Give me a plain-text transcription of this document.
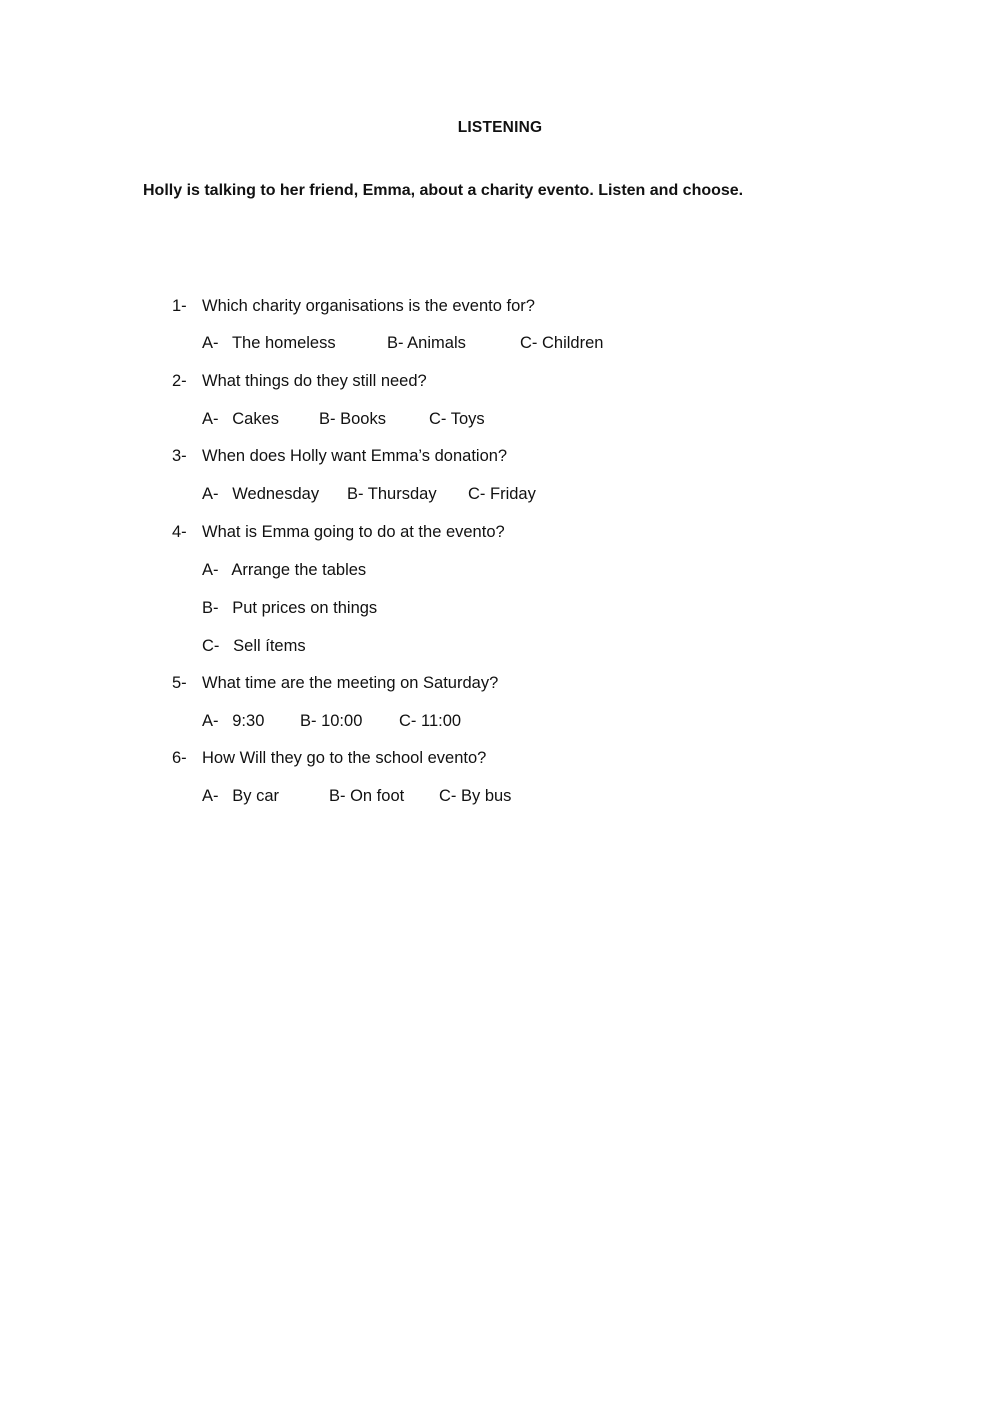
LISTENING
Holly is talking to her friend, Emma, about a charity evento. Listen and choose.
1- Which charity organisations is the evento for?
A-   The homeless	B- Animals	C- Children
2- What things do they still need?
A-   Cakes B- Books	C- Toys
3- When does Holly want Emma’s donation?
A-   Wednesday B- Thursday C- Friday
4- What is Emma going to do at the evento?
A-   Arrange the tables
B-   Put prices on things
C-   Sell ítems
5- What time are the meeting on Saturday?
A-   9:30 B- 10:00 C- 11:00
6- How Will they go to the school evento?
A-   By car	B- On foot C- By bus
